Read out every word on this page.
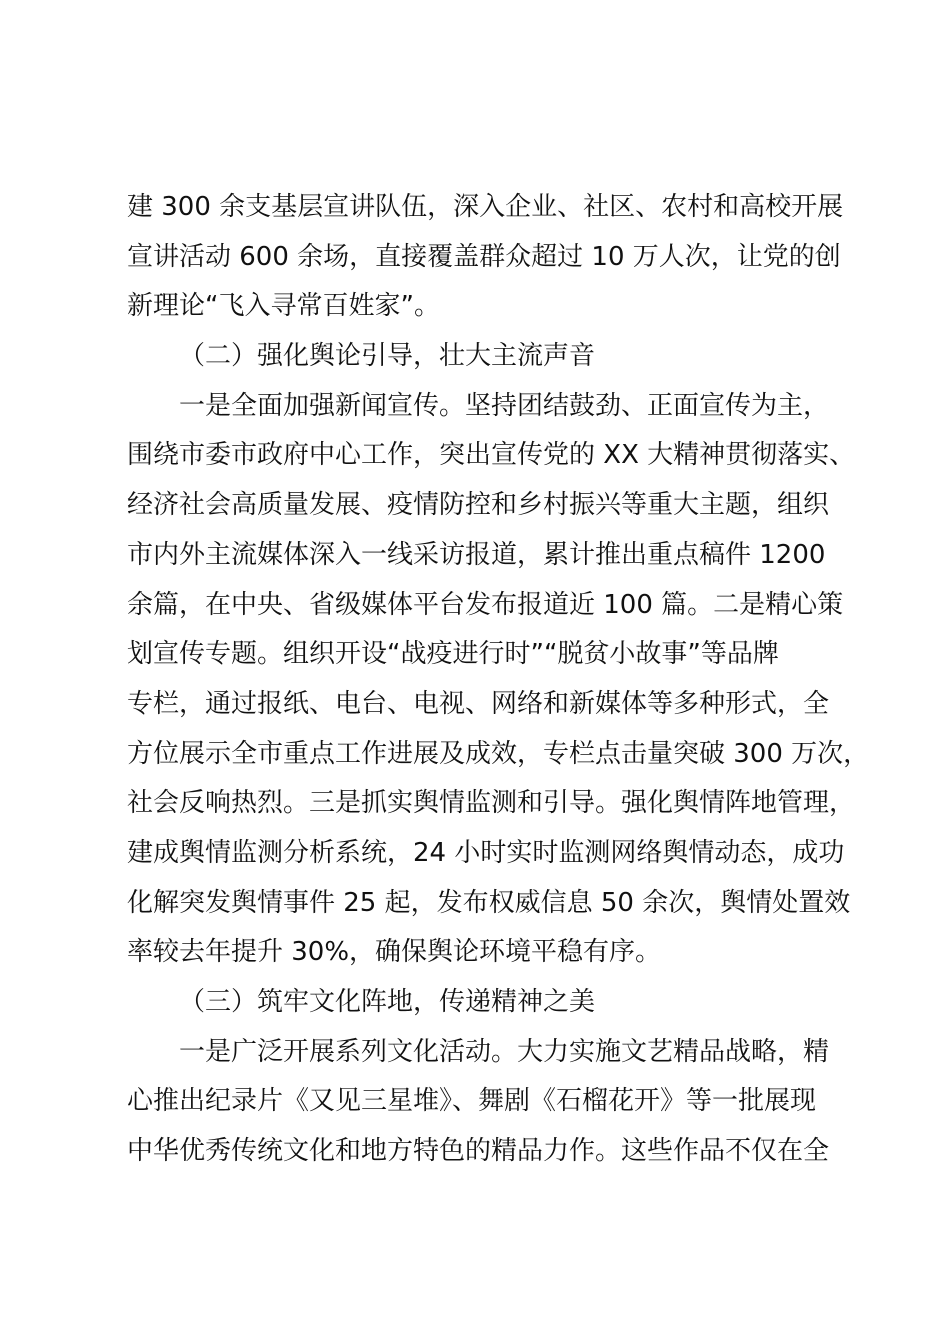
建 300 余支基层宣讲队伍，深入企业、社区、农村和高校开展
宣讲活动 600 余场，直接覆盖群众超过 10 万人次，让党的创
新理论“飞入寻常百姓家”。
（二）强化舆论引导，壮大主流声音
一是全面加强新闻宣传。坚持团结鼓劲、正面宣传为主，
围绕市委市政府中心工作，突出宣传党的 XX 大精神贯彻落实、
经济社会高质量发展、疫情防控和乡村振兴等重大主题，组织
市内外主流媒体深入一线采访报道，累计推出重点稿件 1200
余篇，在中央、省级媒体平台发布报道近 100 篇。二是精心策
划宣传专题。组织开设“战疫进行时”“脱贫小故事”等品牌
专栏，通过报纸、电台、电视、网络和新媒体等多种形式，全
方位展示全市重点工作进展及成效，专栏点击量突破 300 万次，
社会反响热烈。三是抓实舆情监测和引导。强化舆情阵地管理，
建成舆情监测分析系统，24 小时实时监测网络舆情动态，成功
化解突发舆情事件 25 起，发布权威信息 50 余次，舆情处置效
率较去年提升 30%，确保舆论环境平稳有序。
（三）筑牢文化阵地，传递精神之美
一是广泛开展系列文化活动。大力实施文艺精品战略，精
心推出纪录片《又见三星堆》、舞剧《石榴花开》等一批展现
中华优秀传统文化和地方特色的精品力作。这些作品不仅在全
